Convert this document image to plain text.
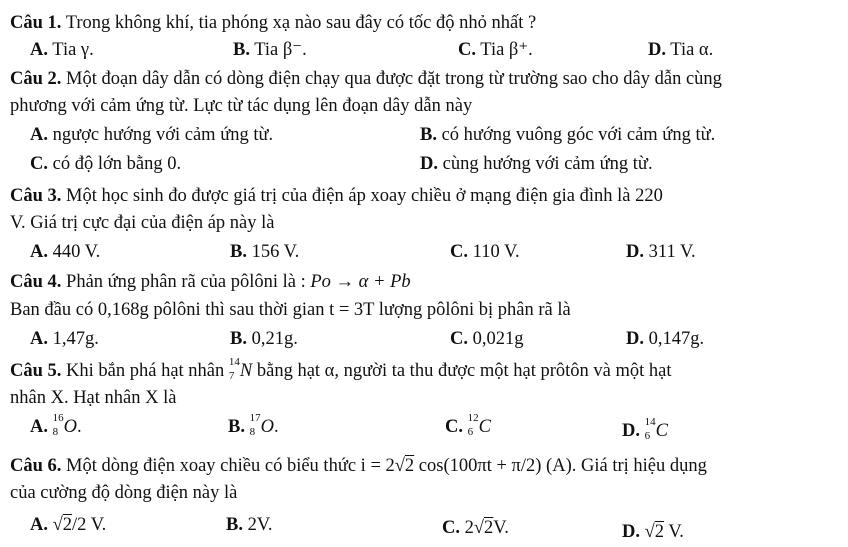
Câu 1. Trong không khí, tia phóng xạ nào sau đây có tốc độ nhỏ nhất ?
A. Tia γ.	B. Tia β⁻.	C. Tia β⁺.	D. Tia α.
Câu 2. Một đoạn dây dẫn có dòng điện chạy qua được đặt trong từ trường sao cho dây dẫn cùng
phương với cảm ứng từ. Lực từ tác dụng lên đoạn dây dẫn này
A. ngược hướng với cảm ứng từ.	B. có hướng vuông góc với cảm ứng từ.
C. có độ lớn bằng 0.	D. cùng hướng với cảm ứng từ.
Câu 3. Một học sinh đo được giá trị của điện áp xoay chiều ở mạng điện gia đình là 220
V. Giá trị cực đại của điện áp này là
A. 440 V.	B. 156 V.	C. 110 V.	D. 311 V.
Câu 4. Phản ứng phân rã của pôlôni là : Po → α + Pb
Ban đầu có 0,168g pôlôni thì sau thời gian t = 3T lượng pôlôni bị phân rã là
A. 1,47g.	B. 0,21g.	C. 0,021g	D. 0,147g.
Câu 5. Khi bắn phá hạt nhân 14
7 N bằng hạt α, người ta thu được một hạt prôtôn và một hạt
nhân X. Hạt nhân X là
A. 16
8 O.	B. 17
8 O.	C. 12
6 C	D. 14
6 C
Câu 6. Một dòng điện xoay chiều có biểu thức i = 2√2 cos(100πt + π/2) (A). Giá trị hiệu dụng
của cường độ dòng điện này là
A. √2/2 V.	B. 2V.	C. 2√2V.	D. √2 V.
